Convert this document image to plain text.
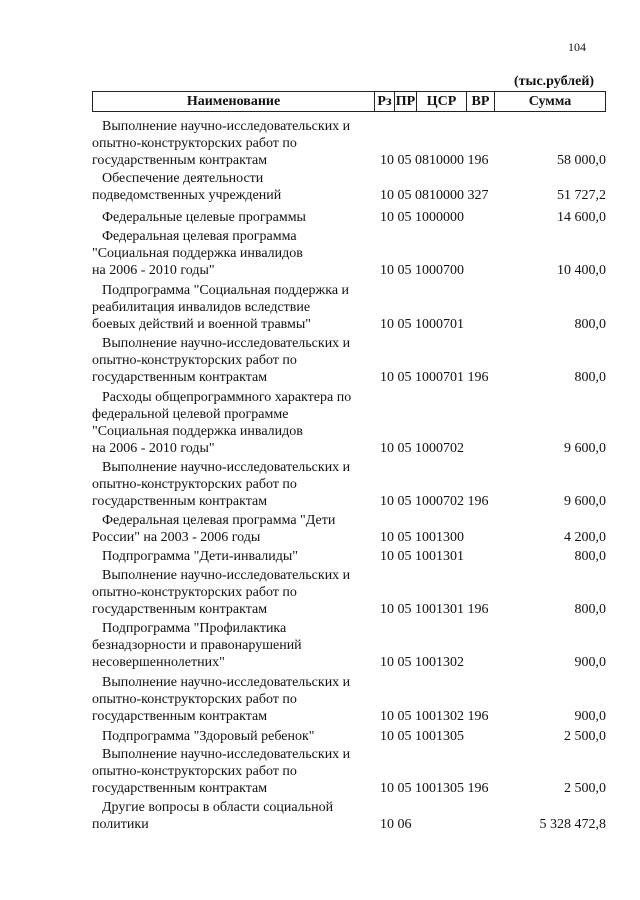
104
(тыс.рублей)
Наименование	Рз ПР ЦСР	ВР	Сумма
Выполнение научно-исследовательских и
опытно-конструкторских работ по
государственным контрактам	10 05 0810000 196	58 000,0
Обеспечение деятельности
подведомственных учреждений	10 05 0810000 327	51 727,2
Федеральные целевые программы	10 05 1000000	14 600,0
Федеральная целевая программа
"Социальная поддержка инвалидов
на 2006 - 2010 годы"	10 05 1000700	10 400,0
Подпрограмма "Социальная поддержка и
реабилитация инвалидов вследствие
боевых действий и военной травмы"	10 05 1000701	800,0
Выполнение научно-исследовательских и
опытно-конструкторских работ по
государственным контрактам	10 05 1000701 196	800,0
Расходы общепрограммного характера по
федеральной целевой программе
"Социальная поддержка инвалидов
на 2006 - 2010 годы"	10 05 1000702	9 600,0
Выполнение научно-исследовательских и
опытно-конструкторских работ по
государственным контрактам	10 05 1000702 196	9 600,0
Федеральная целевая программа "Дети
России" на 2003 - 2006 годы	10 05 1001300	4 200,0
Подпрограмма "Дети-инвалиды"	10 05 1001301	800,0
Выполнение научно-исследовательских и
опытно-конструкторских работ по
государственным контрактам	10 05 1001301 196	800,0
Подпрограмма "Профилактика
безнадзорности и правонарушений
несовершеннолетних"	10 05 1001302	900,0
Выполнение научно-исследовательских и
опытно-конструкторских работ по
государственным контрактам	10 05 1001302 196	900,0
Подпрограмма "Здоровый ребенок"	10 05 1001305	2 500,0
Выполнение научно-исследовательских и
опытно-конструкторских работ по
государственным контрактам	10 05 1001305 196	2 500,0
Другие вопросы в области социальной
политики	10 06	5 328 472,8
